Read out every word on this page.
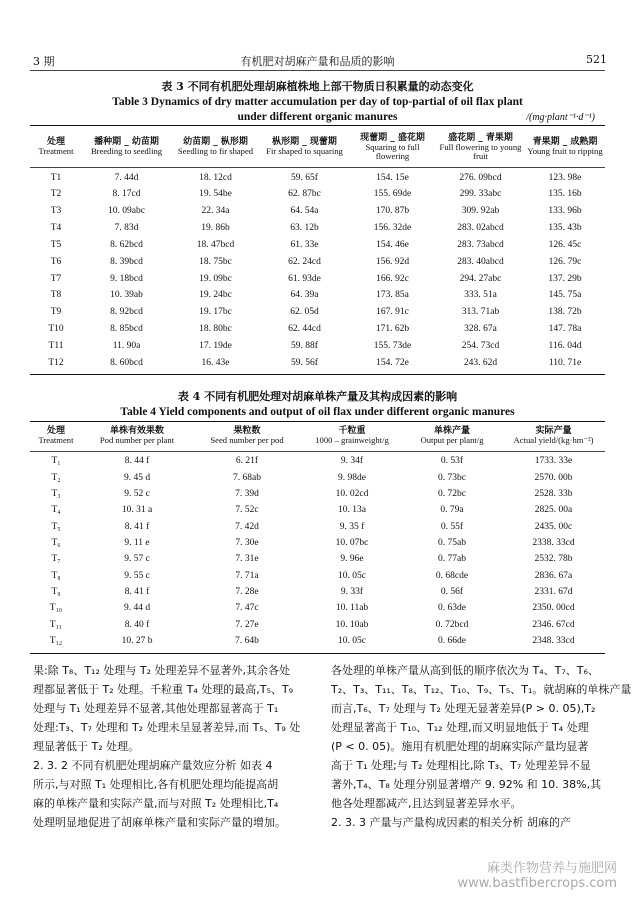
3 期	有机肥对胡麻产量和品质的影响	521
表 3 不同有机肥处理胡麻植株地上部干物质日积累量的动态变化
Table 3 Dynamics of dry matter accumulation per day of top-partial of oil flax plant
under different organic manures	/(mg·plant⁻¹·d⁻¹)
处理
Treatment

播种期 _ 幼苗期
Breeding to seedling

幼苗期 _ 枞形期
Seedling to fir shaped

枞形期 _ 现蕾期
Fir shaped to squaring

现蕾期 _ 盛花期
Squaring to full flowering

盛花期 _ 青果期
Full flowering to young fruit

青果期 _ 成熟期
Young fruit to ripping
T1	7. 44d	18. 12cd	59. 65f	154. 15e	276. 09bcd	123. 98e
T2	8. 17cd	19. 54be	62. 87bc	155. 69de	299. 33abc	135. 16b
T3	10. 09abc	22. 34a	64. 54a	170. 87b	309. 92ab	133. 96b
T4	7. 83d	19. 86b	63. 12b	156. 32de	283. 02abcd	135. 43b
T5	8. 62bcd	18. 47bcd	61. 33e	154. 46e	283. 73abcd	126. 45c
T6	8. 39bcd	18. 75bc	62. 24cd	156. 92d	283. 40abcd	126. 79c
T7	9. 18bcd	19. 09bc	61. 93de	166. 92c	294. 27abc	137. 29b
T8	10. 39ab	19. 24bc	64. 39a	173. 85a	333. 51a	145. 75a
T9	8. 92bcd	19. 17bc	62. 05d	167. 91c	313. 71ab	138. 72b
T10	8. 85bcd	18. 80bc	62. 44cd	171. 62b	328. 67a	147. 78a
T11	11. 90a	17. 19de	59. 88f	155. 73de	254. 73cd	116. 04d
T12	8. 60bcd	16. 43e	59. 56f	154. 72e	243. 62d	110. 71e
表 4 不同有机肥处理对胡麻单株产量及其构成因素的影响
Table 4 Yield components and output of oil flax under different organic manures
处理
Treatment

单株有效果数
Pod number per plant

果粒数
Seed number per pod

千粒重
1000 – grainweight/g

单株产量
Output per plant/g

实际产量
Actual yield/(kg·hm⁻²)
T₁	8. 44 f	6. 21f	9. 34f	0. 53f	1733. 33e
T₂	9. 45 d	7. 68ab	9. 98de	0. 73bc	2570. 00b
T₃	9. 52 c	7. 39d	10. 02cd	0. 72bc	2528. 33b
T₄	10. 31 a	7. 52c	10. 13a	0. 79a	2825. 00a
T₅	8. 41 f	7. 42d	9. 35 f	0. 55f	2435. 00c
T₆	9. 11 e	7. 30e	10. 07bc	0. 75ab	2338. 33cd
T₇	9. 57 c	7. 31e	9. 96e	0. 77ab	2532. 78b
T₈	9. 55 c	7. 71a	10. 05c	0. 68cde	2836. 67a
T₉	8. 41 f	7. 28e	9. 33f	0. 56f	2331. 67d
T₁₀	9. 44 d	7. 47c	10. 11ab	0. 63de	2350. 00cd
T₁₁	8. 40 f	7. 27e	10. 10ab	0. 72bcd	2346. 67cd
T₁₂	10. 27 b	7. 64b	10. 05c	0. 66de	2348. 33cd
果:除 T₈、T₁₂ 处理与 T₂ 处理差异不显著外,其余各处
理都显著低于 T₂ 处理。千粒重 T₄ 处理的最高,T₅、T₉
处理与 T₁ 处理差异不显著,其他处理都显著高于 T₁
处理:T₃、T₇ 处理和 T₂ 处理未呈显著差异,而 T₅、T₉ 处
理显著低于 T₂ 处理。
2. 3. 2 不同有机肥处理胡麻产量效应分析 如表 4
所示,与对照 T₁ 处理相比,各有机肥处理均能提高胡
麻的单株产量和实际产量,而与对照 T₂ 处理相比,T₄
处理明显地促进了胡麻单株产量和实际产量的增加。
各处理的单株产量从高到低的顺序依次为 T₄、T₇、T₆、
T₂、T₃、T₁₁、T₈、T₁₂、T₁₀、T₉、T₅、T₁。就胡麻的单株产量
而言,T₆、T₇ 处理与 T₂ 处理无显著差异(P > 0. 05),T₂
处理显著高于 T₁₀、T₁₂ 处理,而又明显地低于 T₄ 处理
(P < 0. 05)。施用有机肥处理的胡麻实际产量均显著
高于 T₁ 处理;与 T₂ 处理相比,除 T₃、T₇ 处理差异不显
著外,T₄、T₈ 处理分别显著增产 9. 92% 和 10. 38%,其
他各处理都减产,且达到显著差异水平。
2. 3. 3 产量与产量构成因素的相关分析 胡麻的产
麻类作物营养与施肥网
www.bastfibercrops.com
